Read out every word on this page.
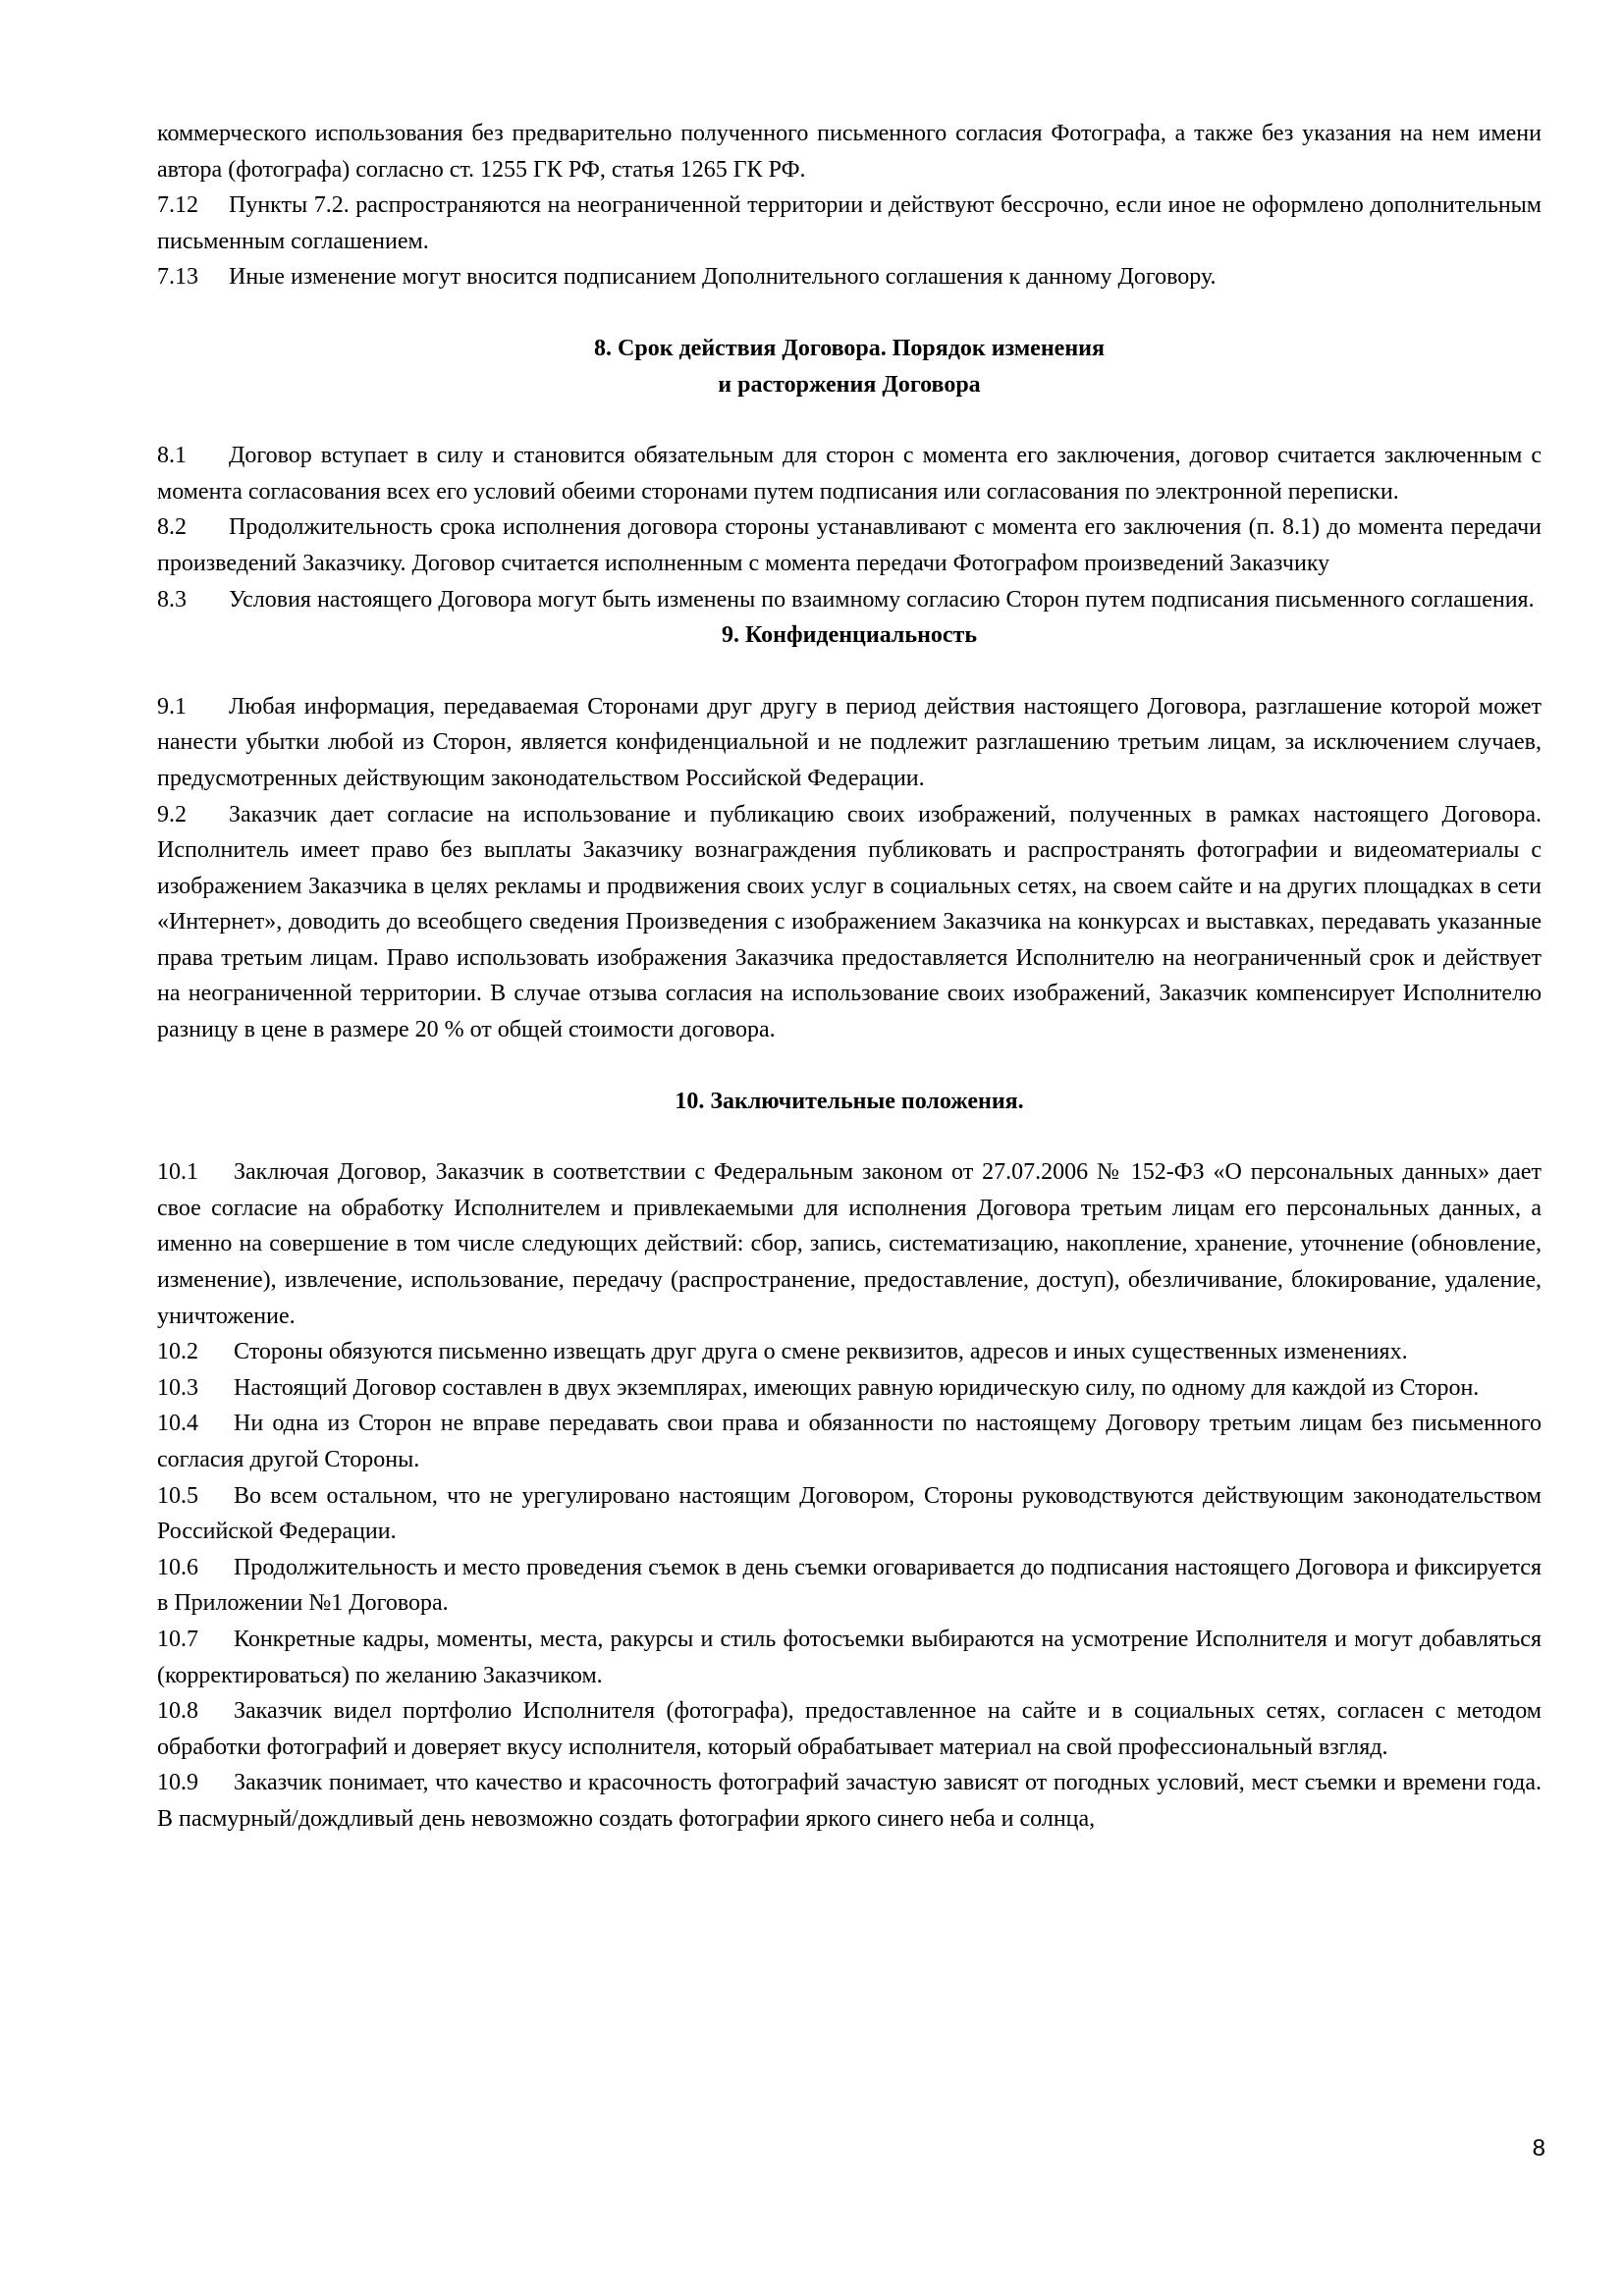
коммерческого использования без предварительно полученного письменного согласия Фотографа, а также без указания на нем имени автора (фотографа) согласно ст. 1255 ГК РФ, статья 1265 ГК РФ.

7.12 Пункты 7.2. распространяются на неограниченной территории и действуют бессрочно, если иное не оформлено дополнительным письменным соглашением.

7.13 Иные изменение могут вносится подписанием Дополнительного соглашения к данному Договору.

8. Срок действия Договора. Порядок изменения
и расторжения Договора

8.1 Договор вступает в силу и становится обязательным для сторон с момента его заключения, договор считается заключенным с момента согласования всех его условий обеими сторонами путем подписания или согласования по электронной переписки.

8.2 Продолжительность срока исполнения договора стороны устанавливают с момента его заключения (п. 8.1) до момента передачи произведений Заказчику. Договор считается исполненным с момента передачи Фотографом произведений Заказчику

8.3 Условия настоящего Договора могут быть изменены по взаимному согласию Сторон путем подписания письменного соглашения.

9. Конфиденциальность

9.1 Любая информация, передаваемая Сторонами друг другу в период действия настоящего Договора, разглашение которой может нанести убытки любой из Сторон, является конфиденциальной и не подлежит разглашению третьим лицам, за исключением случаев, предусмотренных действующим законодательством Российской Федерации.

9.2 Заказчик дает согласие на использование и публикацию своих изображений, полученных в рамках настоящего Договора. Исполнитель имеет право без выплаты Заказчику вознаграждения публиковать и распространять фотографии и видеоматериалы с изображением Заказчика в целях рекламы и продвижения своих услуг в социальных сетях, на своем сайте и на других площадках в сети «Интернет», доводить до всеобщего сведения Произведения с изображением Заказчика на конкурсах и выставках, передавать указанные права третьим лицам. Право использовать изображения Заказчика предоставляется Исполнителю на неограниченный срок и действует на неограниченной территории. В случае отзыва согласия на использование своих изображений, Заказчик компенсирует Исполнителю разницу в цене в размере 20 % от общей стоимости договора.

10. Заключительные положения.

10.1 Заключая Договор, Заказчик в соответствии с Федеральным законом от 27.07.2006 № 152-ФЗ «О персональных данных» дает свое согласие на обработку Исполнителем и привлекаемыми для исполнения Договора третьим лицам его персональных данных, а именно на совершение в том числе следующих действий: сбор, запись, систематизацию, накопление, хранение, уточнение (обновление, изменение), извлечение, использование, передачу (распространение, предоставление, доступ), обезличивание, блокирование, удаление, уничтожение.

10.2 Стороны обязуются письменно извещать друг друга о смене реквизитов, адресов и иных существенных изменениях.

10.3 Настоящий Договор составлен в двух экземплярах, имеющих равную юридическую силу, по одному для каждой из Сторон.

10.4 Ни одна из Сторон не вправе передавать свои права и обязанности по настоящему Договору третьим лицам без письменного согласия другой Стороны.

10.5 Во всем остальном, что не урегулировано настоящим Договором, Стороны руководствуются действующим законодательством Российской Федерации.

10.6 Продолжительность и место проведения съемок в день съемки оговаривается до подписания настоящего Договора и фиксируется в Приложении №1 Договора.

10.7 Конкретные кадры, моменты, места, ракурсы и стиль фотосъемки выбираются на усмотрение Исполнителя и могут добавляться (корректироваться) по желанию Заказчиком.

10.8 Заказчик видел портфолио Исполнителя (фотографа), предоставленное на сайте и в социальных сетях, согласен с методом обработки фотографий и доверяет вкусу исполнителя, который обрабатывает материал на свой профессиональный взгляд.

10.9 Заказчик понимает, что качество и красочность фотографий зачастую зависят от погодных условий, мест съемки и времени года. В пасмурный/дождливый день невозможно создать фотографии яркого синего неба и солнца,

8
